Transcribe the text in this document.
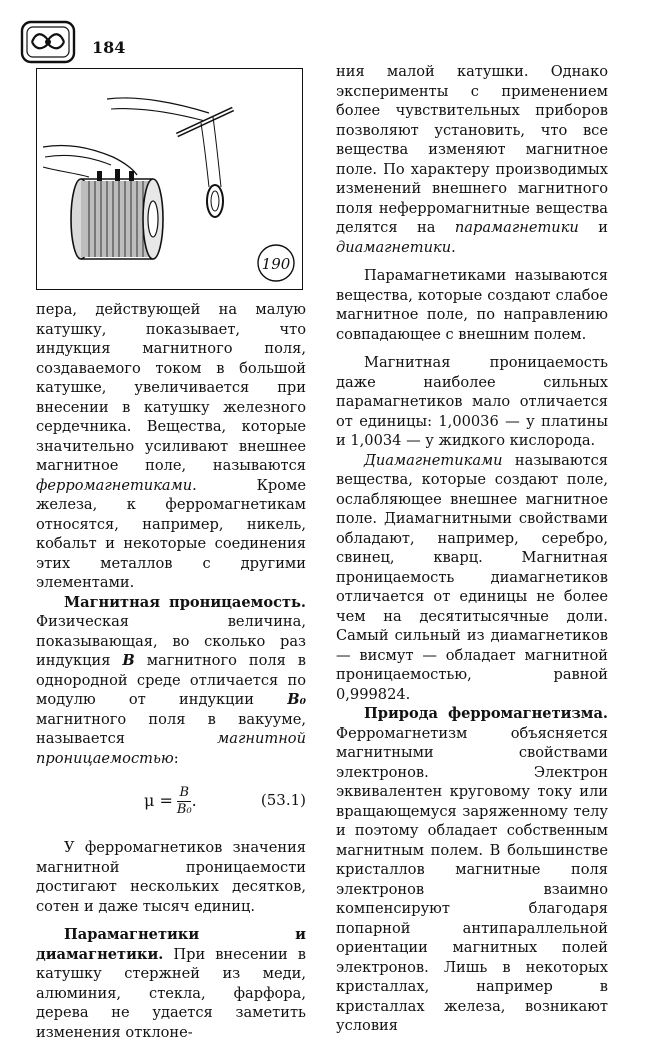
184
190

пера, действующей на малую катушку, показывает, что индукция магнитного поля, создаваемого током в большой катушке, увеличивается при внесении в катушку железного сердечника. Вещества, которые значительно усиливают внешнее магнитное поле, называются ферромагнетиками. Кроме железа, к ферромагнетикам относятся, например, никель, кобальт и некоторые соединения этих металлов с другими элементами.

Магнитная проницаемость. Физическая величина, показывающая, во сколько раз индукция B магнитного поля в однородной среде отличается по модулю от индукции B₀ магнитного поля в вакууме, называется магнитной проницаемостью:

$\mu = \frac{B}{\text{B₀}}$ .	(53.1)

У ферромагнетиков значения магнитной проницаемости достигают нескольких десятков, сотен и даже тысяч единиц.

Парамагнетики и диамагнетики. При внесении в катушку стержней из меди, алюминия, стекла, фарфора, дерева не удается заметить изменения отклоне-

ния малой катушки. Однако эксперименты с применением более чувствительных приборов позволяют установить, что все вещества изменяют магнитное поле. По характеру производимых изменений внешнего магнитного поля неферромагнитные вещества делятся на парамагнетики и диамагнетики.

Парамагнетиками называются вещества, которые создают слабое магнитное поле, по направлению совпадающее с внешним полем.

Магнитная проницаемость даже наиболее сильных парамагнетиков мало отличается от единицы: 1,00036 — у платины и 1,0034 — у жидкого кислорода.

Диамагнетиками называются вещества, которые создают поле, ослабляющее внешнее магнитное поле. Диамагнитными свойствами обладают, например, серебро, свинец, кварц. Магнитная проницаемость диамагнетиков отличается от единицы не более чем на десятитысячные доли. Самый сильный из диамагнетиков — висмут — обладает магнитной проницаемостью, равной 0,999824.

Природа ферромагнетизма. Ферромагнетизм объясняется магнитными свойствами электронов. Электрон эквивалентен круговому току или вращающемуся заряженному телу и поэтому обладает собственным магнитным полем. В большинстве кристаллов магнитные поля электронов взаимно компенсируют благодаря попарной антипараллельной ориентации магнитных полей электронов. Лишь в некоторых кристаллах, например в кристаллах железа, возникают условия
